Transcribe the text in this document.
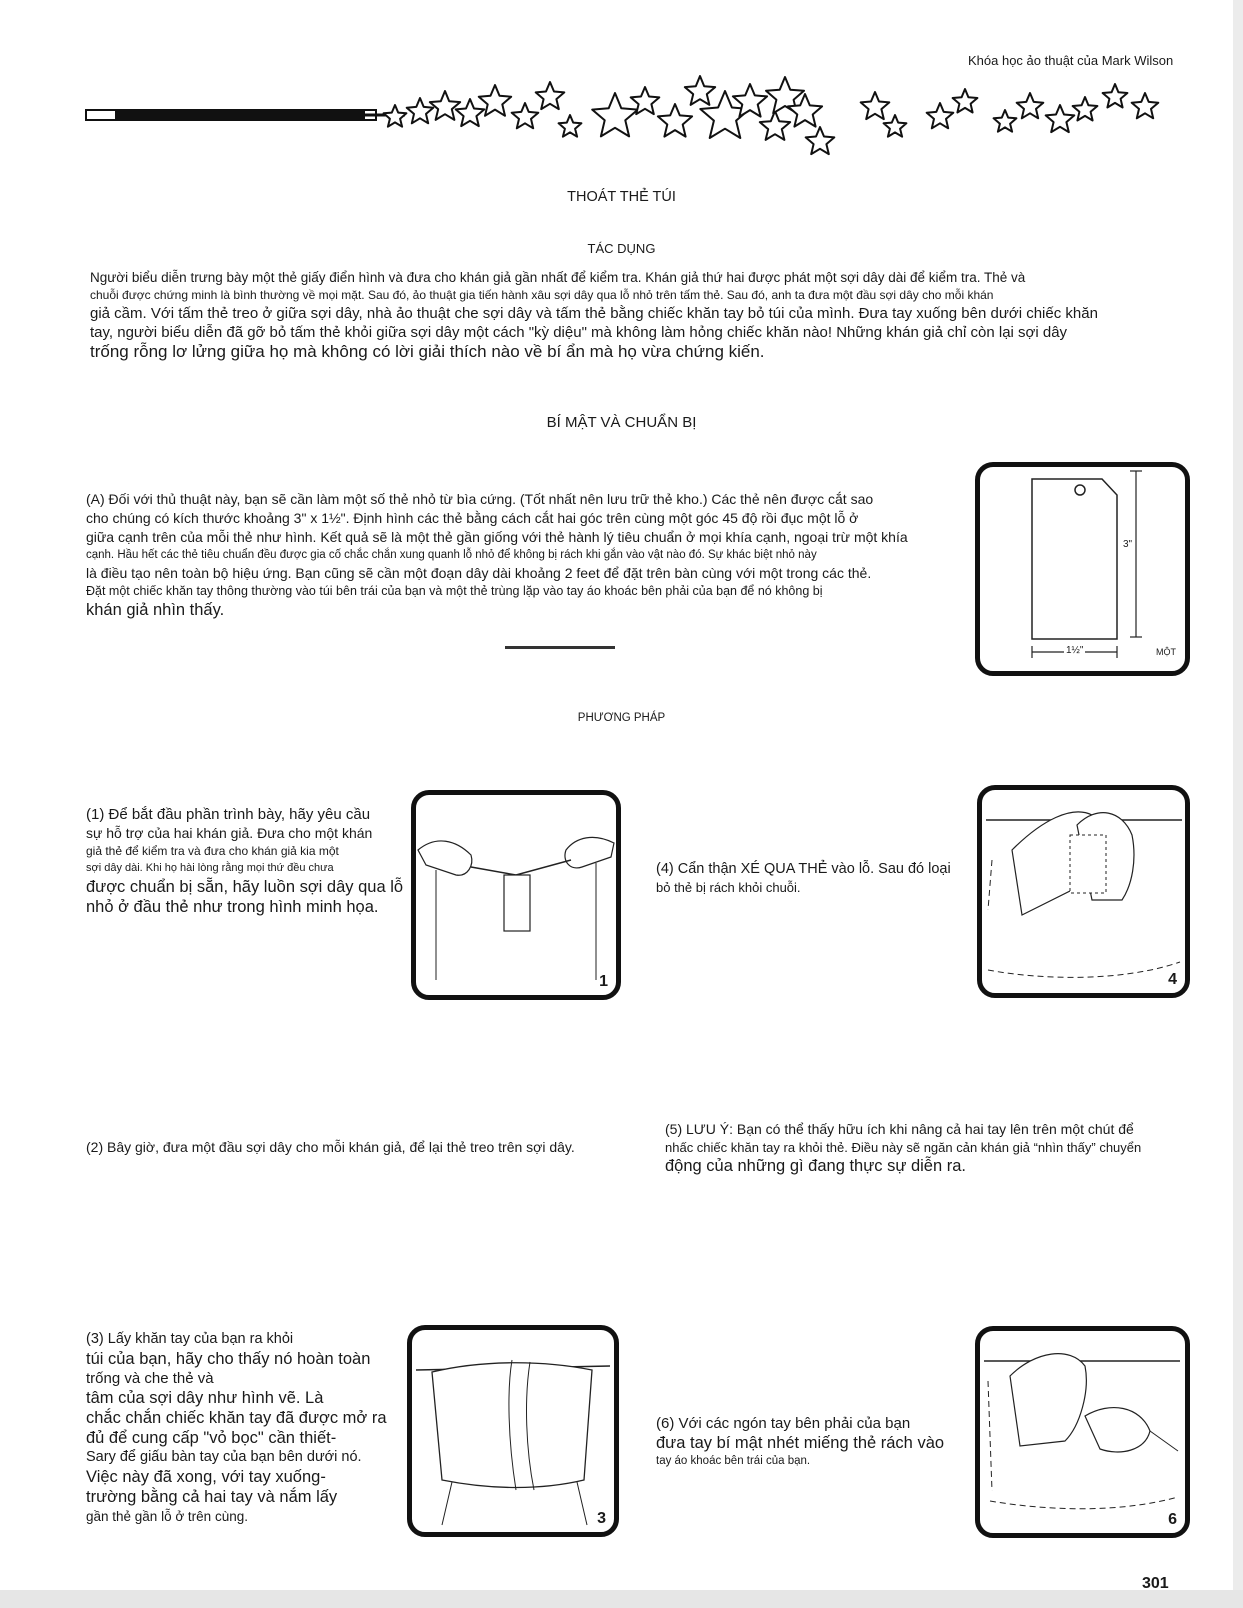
Khóa học ảo thuật của Mark Wilson
THOÁT THẺ TÚI
TÁC DỤNG

Người biểu diễn trưng bày một thẻ giấy điển hình và đưa cho khán giả gần nhất để kiểm tra. Khán giả thứ hai được phát một sợi dây dài để kiểm tra. Thẻ và

chuỗi được chứng minh là bình thường về mọi mặt. Sau đó, ảo thuật gia tiến hành xâu sợi dây qua lỗ nhỏ trên tấm thẻ. Sau đó, anh ta đưa một đầu sợi dây cho mỗi khán

giả cầm. Với tấm thẻ treo ở giữa sợi dây, nhà ảo thuật che sợi dây và tấm thẻ bằng chiếc khăn tay bỏ túi của mình. Đưa tay xuống bên dưới chiếc khăn

tay, người biểu diễn đã gỡ bỏ tấm thẻ khỏi giữa sợi dây một cách "kỳ diệu" mà không làm hỏng chiếc khăn nào! Những khán giả chỉ còn lại sợi dây

trống rỗng lơ lửng giữa họ mà không có lời giải thích nào về bí ẩn mà họ vừa chứng kiến.

BÍ MẬT VÀ CHUẨN BỊ

(A) Đối với thủ thuật này, bạn sẽ cần làm một số thẻ nhỏ từ bìa cứng. (Tốt nhất nên lưu trữ thẻ kho.) Các thẻ nên được cắt sao

cho chúng có kích thước khoảng 3" x 1½". Định hình các thẻ bằng cách cắt hai góc trên cùng một góc 45 độ rồi đục một lỗ ở

giữa cạnh trên của mỗi thẻ như hình. Kết quả sẽ là một thẻ gần giống với thẻ hành lý tiêu chuẩn ở mọi khía cạnh, ngoại trừ một khía

cạnh. Hầu hết các thẻ tiêu chuẩn đều được gia cố chắc chắn xung quanh lỗ nhỏ để không bị rách khi gắn vào vật nào đó. Sự khác biệt nhỏ này

là điều tạo nên toàn bộ hiệu ứng. Bạn cũng sẽ cần một đoạn dây dài khoảng 2 feet để đặt trên bàn cùng với một trong các thẻ.

Đặt một chiếc khăn tay thông thường vào túi bên trái của bạn và một thẻ trùng lặp vào tay áo khoác bên phải của bạn để nó không bị

khán giả nhìn thấy.

3"
1½"	MỘT
PHƯƠNG PHÁP

(1) Để bắt đầu phần trình bày, hãy yêu cầu

sự hỗ trợ của hai khán giả. Đưa cho một khán

giả thẻ để kiểm tra và đưa cho khán giả kia một

sợi dây dài. Khi họ hài lòng rằng mọi thứ đều chưa

được chuẩn bị sẵn, hãy luồn sợi dây qua lỗ

nhỏ ở đầu thẻ như trong hình minh họa.

1

(4) Cẩn thận XÉ QUA THẺ vào lỗ. Sau đó loại

bỏ thẻ bị rách khỏi chuỗi.

4

(2) Bây giờ, đưa một đầu sợi dây cho mỗi khán giả, để lại thẻ treo trên sợi dây.

(5) LƯU Ý: Bạn có thể thấy hữu ích khi nâng cả hai tay lên trên một chút để

nhấc chiếc khăn tay ra khỏi thẻ. Điều này sẽ ngăn cản khán giả “nhìn thấy” chuyển

động của những gì đang thực sự diễn ra.

(3) Lấy khăn tay của bạn ra khỏi

túi của bạn, hãy cho thấy nó hoàn toàn

trống và che thẻ và

tâm của sợi dây như hình vẽ. Là

chắc chắn chiếc khăn tay đã được mở ra

đủ để cung cấp "vỏ bọc" cần thiết-

Sary để giấu bàn tay của bạn bên dưới nó.

Việc này đã xong, với tay xuống-

trường bằng cả hai tay và nắm lấy

gần thẻ gần lỗ ở trên cùng.	3

(6) Với các ngón tay bên phải của bạn

đưa tay bí mật nhét miếng thẻ rách vào

tay áo khoác bên trái của bạn.

6
301
